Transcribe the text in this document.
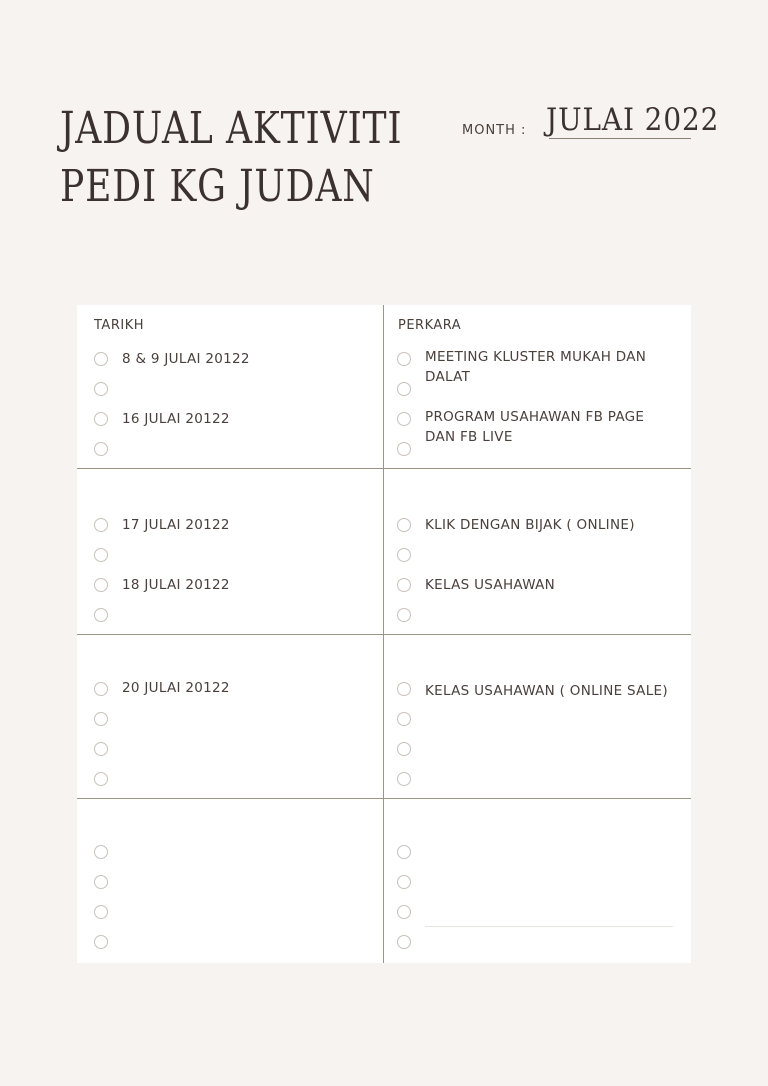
JADUAL AKTIVITI
PEDI KG JUDAN
MONTH : JULAI 2022
TARIKH	PERKARA
8 & 9 JULAI 20122
16 JULAI 20122
MEETING KLUSTER MUKAH DAN DALAT
PROGRAM USAHAWAN FB PAGE DAN FB LIVE
17 JULAI 20122
18 JULAI 20122
KLIK DENGAN BIJAK ( ONLINE)
KELAS USAHAWAN
20 JULAI 20122	KELAS USAHAWAN ( ONLINE SALE)
